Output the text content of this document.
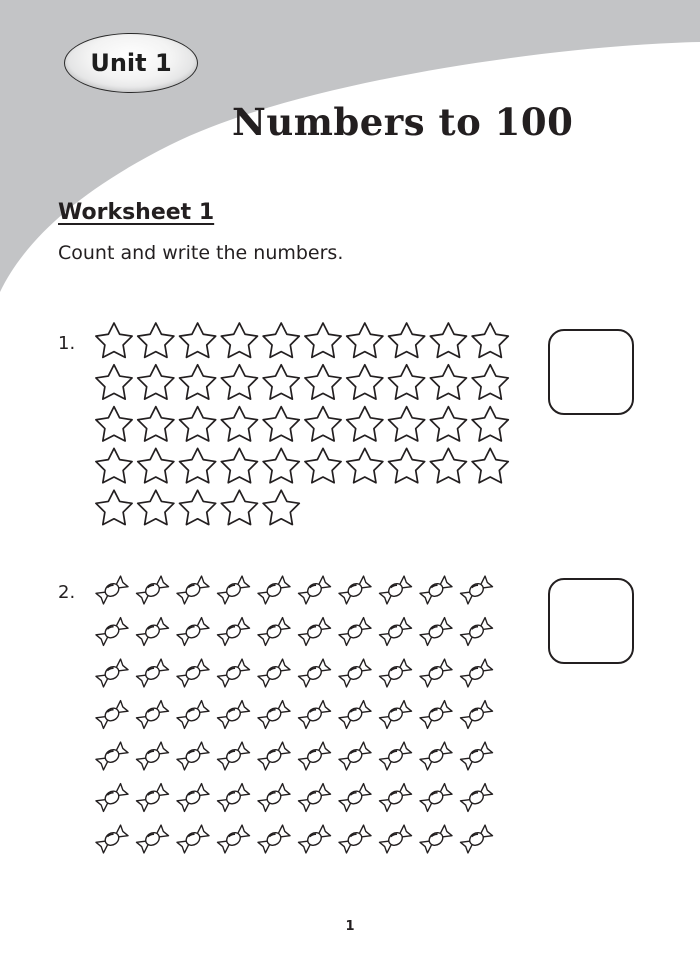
Unit 1
Numbers to 100
Worksheet 1

Count and write the numbers.

1.
2.
1
